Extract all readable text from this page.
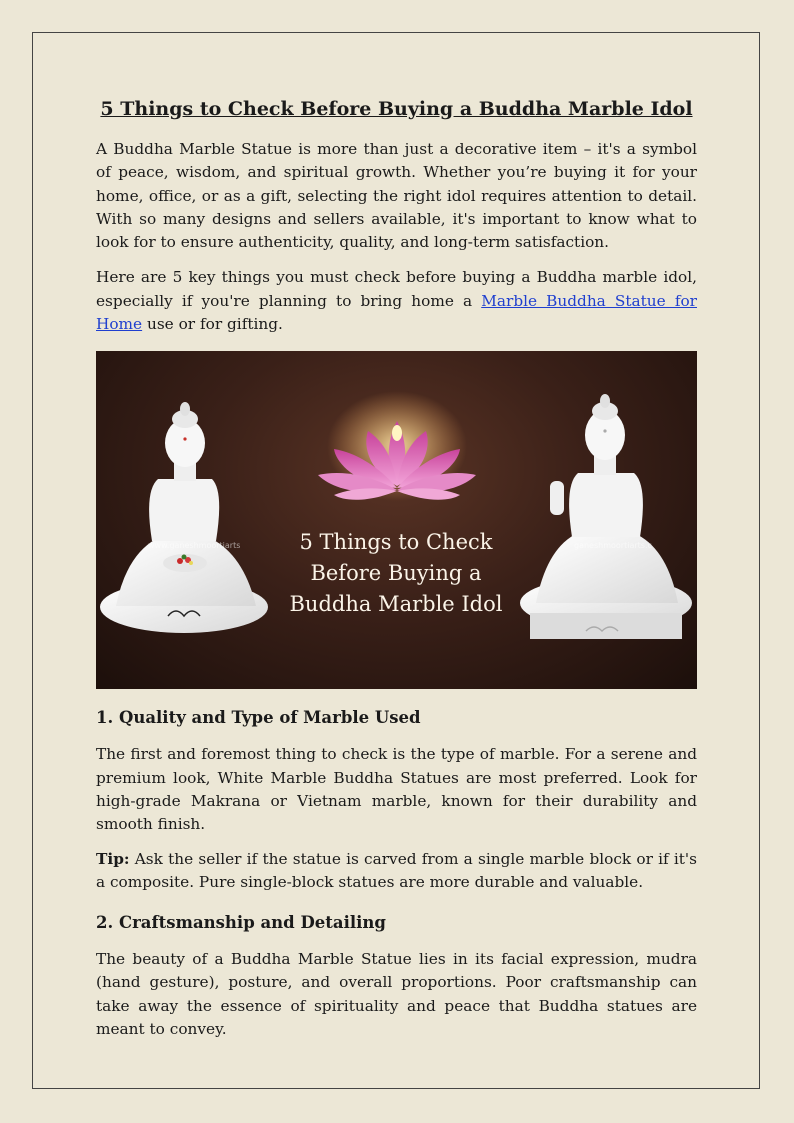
5 Things to Check Before Buying a Buddha Marble Idol

A Buddha Marble Statue is more than just a decorative item – it's a symbol of peace, wisdom, and spiritual growth. Whether you’re buying it for your home, office, or as a gift, selecting the right idol requires attention to detail. With so many designs and sellers available, it's important to know what to look for to ensure authenticity, quality, and long-term satisfaction.

Here are 5 key things you must check before buying a Buddha marble idol, especially if you're planning to bring home a Marble Buddha Statue for Home use or for gifting.

www.ganeshmoortiarts	ganeshmoortiarts.c
5 Things to Check
Before Buying a
Buddha Marble Idol
1. Quality and Type of Marble Used

The first and foremost thing to check is the type of marble. For a serene and premium look, White Marble Buddha Statues are most preferred. Look for high-grade Makrana or Vietnam marble, known for their durability and smooth finish.

Tip: Ask the seller if the statue is carved from a single marble block or if it's a composite. Pure single-block statues are more durable and valuable.

2. Craftsmanship and Detailing

The beauty of a Buddha Marble Statue lies in its facial expression, mudra (hand gesture), posture, and overall proportions. Poor craftsmanship can take away the essence of spirituality and peace that Buddha statues are meant to convey.
